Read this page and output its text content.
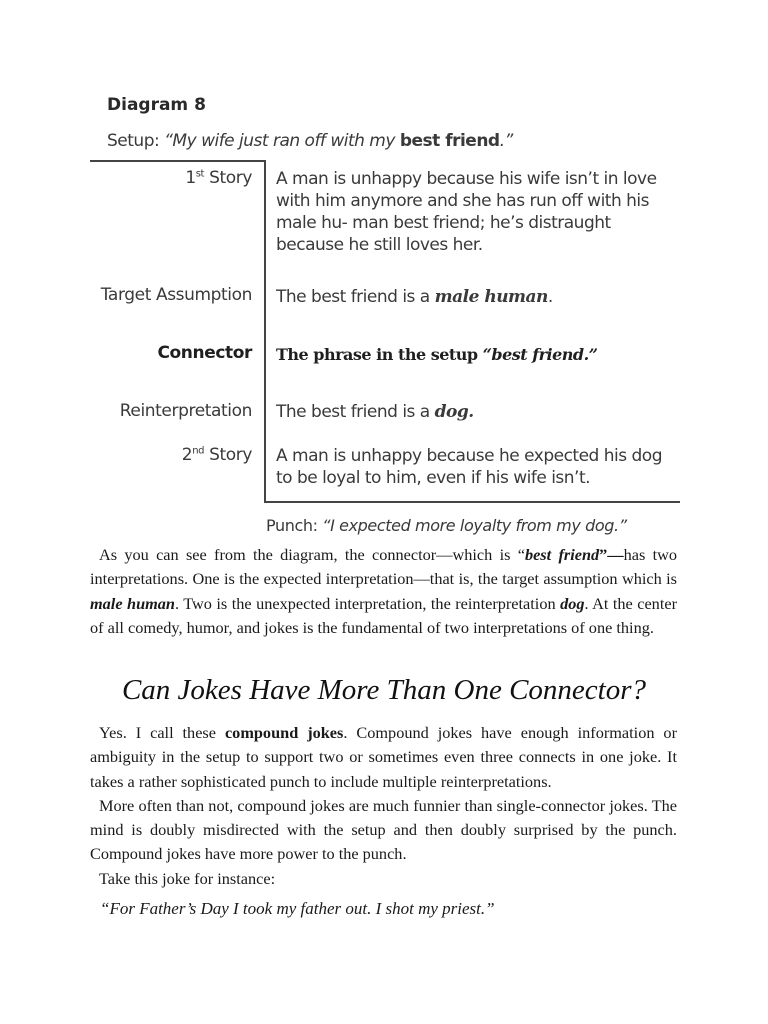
Diagram 8
Setup: “My wife just ran off with my best friend.”
1st Story A man is unhappy because his wife isn’t in love with him anymore and she has run off with his male hu- man best friend; he’s distraught because he still loves her.
Target Assumption The best friend is a male human.
Connector The phrase in the setup “best friend.”
Reinterpretation The best friend is a dog.
2nd Story A man is unhappy because he expected his dog to be loyal to him, even if his wife isn’t.
Punch: “I expected more loyalty from my dog.”

As you can see from the diagram, the connector—which is “best friend”—has two interpretations. One is the expected interpretation—that is, the target assumption which is male human. Two is the unexpected interpretation, the reinterpretation dog. At the center of all comedy, humor, and jokes is the fundamental of two interpretations of one thing.

Can Jokes Have More Than One Connector?

Yes. I call these compound jokes. Compound jokes have enough information or ambiguity in the setup to support two or sometimes even three connects in one joke. It takes a rather sophisticated punch to include multiple reinterpretations.

More often than not, compound jokes are much funnier than single-connector jokes. The mind is doubly misdirected with the setup and then doubly surprised by the punch. Compound jokes have more power to the punch.

Take this joke for instance:

“For Father’s Day I took my father out. I shot my priest.”
